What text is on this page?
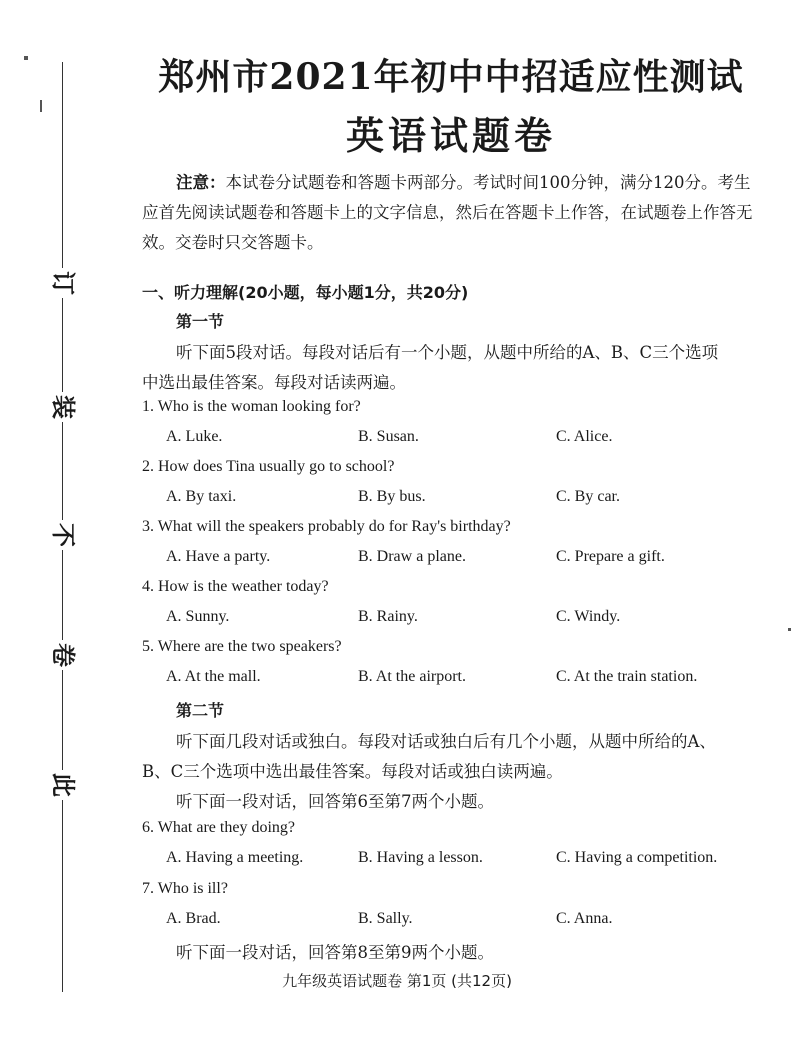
订
装
不
卷
此
郑州市2021年初中中招适应性测试
英语试题卷
注意：本试卷分试题卷和答题卡两部分。考试时间100分钟，满分120分。考生应首先阅读试题卷和答题卡上的文字信息，然后在答题卡上作答，在试题卷上作答无效。交卷时只交答题卡。
一、听力理解(20小题，每小题1分，共20分)
第一节
听下面5段对话。每段对话后有一个小题，从题中所给的A、B、C三个选项
中选出最佳答案。每段对话读两遍。
1. Who is the woman looking for?
A. Luke.	B. Susan.	C. Alice.
2. How does Tina usually go to school?
A. By taxi.	B. By bus.	C. By car.
3. What will the speakers probably do for Ray's birthday?
A. Have a party.	B. Draw a plane.	C. Prepare a gift.
4. How is the weather today?
A. Sunny.	B. Rainy.	C. Windy.
5. Where are the two speakers?
A. At the mall.	B. At the airport.	C. At the train station.
第二节
听下面几段对话或独白。每段对话或独白后有几个小题，从题中所给的A、
B、C三个选项中选出最佳答案。每段对话或独白读两遍。
听下面一段对话，回答第6至第7两个小题。
6. What are they doing?
A. Having a meeting.	B. Having a lesson.	C. Having a competition.
7. Who is ill?
A. Brad.	B. Sally.	C. Anna.
听下面一段对话，回答第8至第9两个小题。
九年级英语试题卷 第1页 (共12页)
